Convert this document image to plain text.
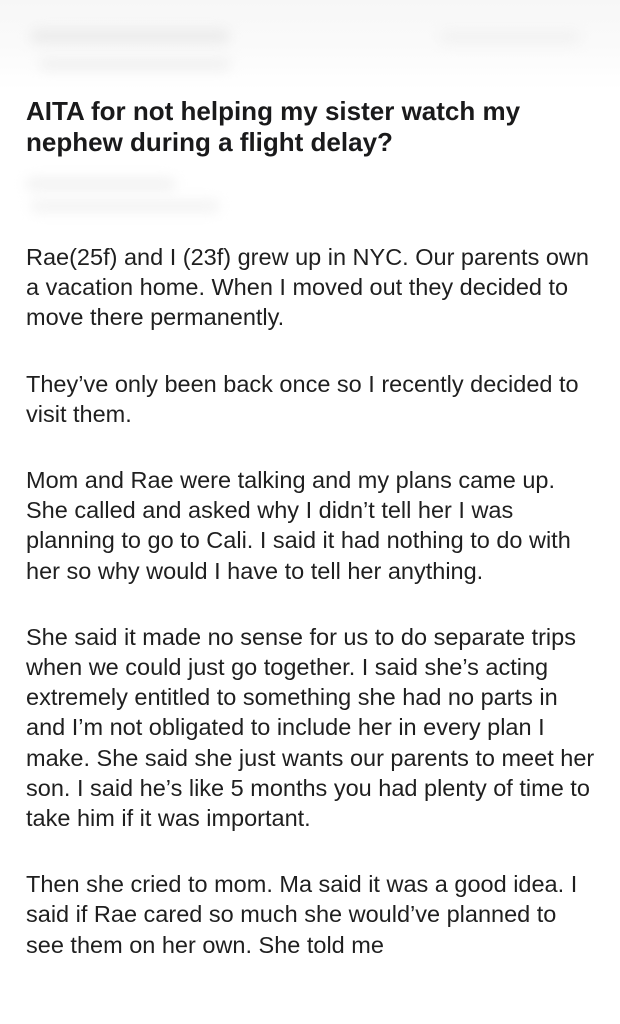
AITA for not helping my sister watch my nephew during a flight delay?

Rae(25f) and I (23f) grew up in NYC. Our parents own a vacation home. When I moved out they decided to move there permanently.

They’ve only been back once so I recently decided to visit them.

Mom and Rae were talking and my plans came up. She called and asked why I didn’t tell her I was planning to go to Cali. I said it had nothing to do with her so why would I have to tell her anything.

She said it made no sense for us to do separate trips when we could just go together. I said she’s acting extremely entitled to something she had no parts in and I’m not obligated to include her in every plan I make. She said she just wants our parents to meet her son. I said he’s like 5 months you had plenty of time to take him if it was important.

Then she cried to mom. Ma said it was a good idea. I said if Rae cared so much she would’ve planned to see them on her own. She told me
